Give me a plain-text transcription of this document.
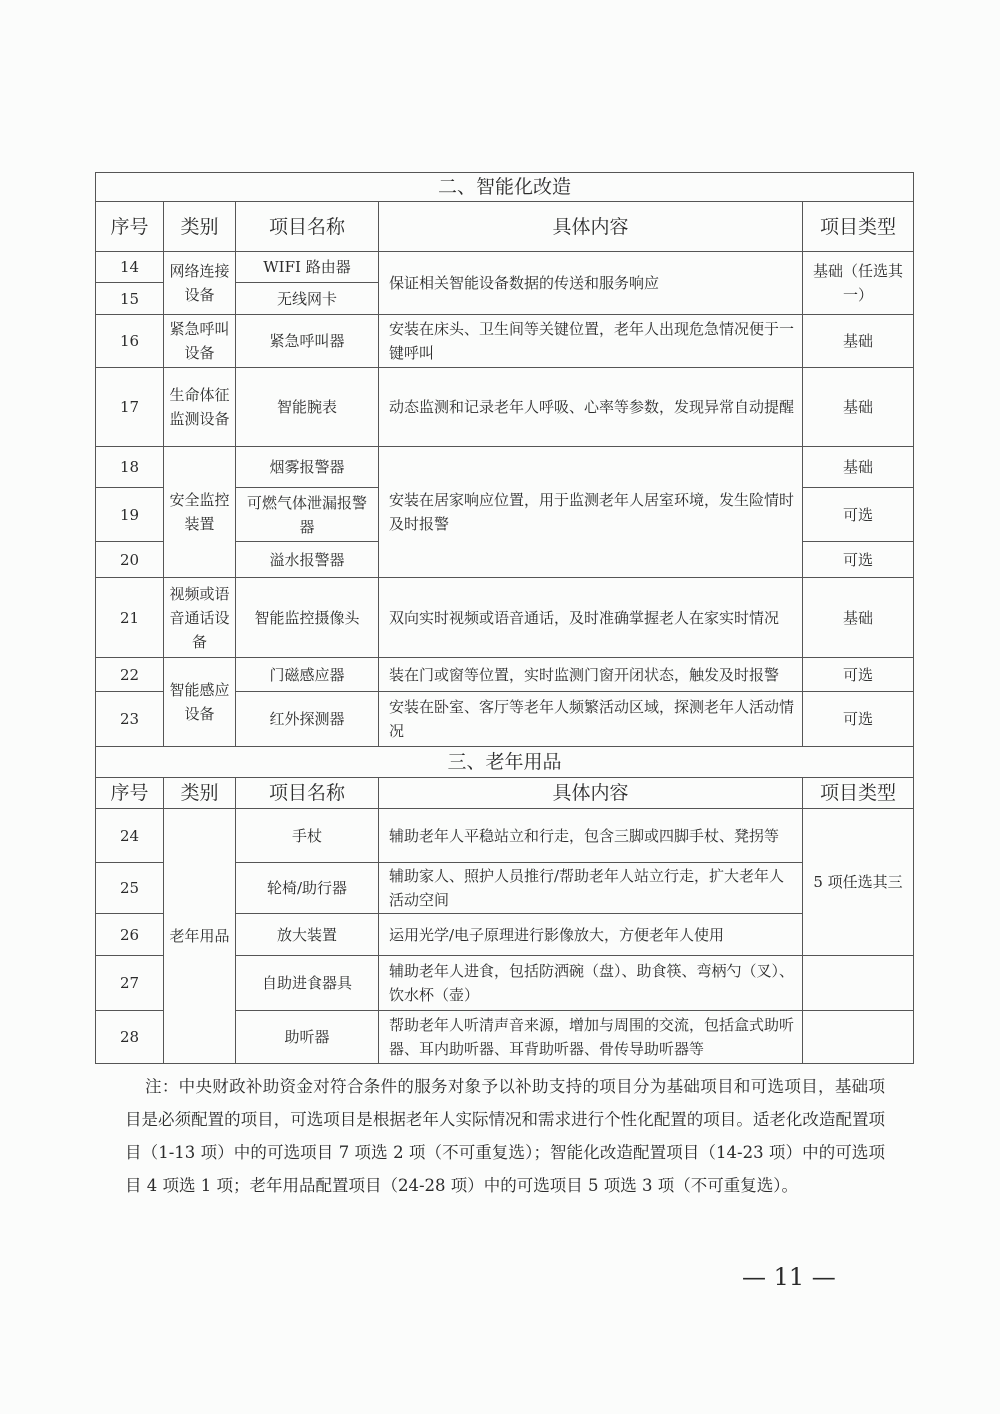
二、智能化改造				
序号	类别	项目名称	具体内容	项目类型
14	网络连接设备	WIFI 路由器	保证相关智能设备数据的传送和服务响应	基础（任选其一）
15		无线网卡		
16	紧急呼叫设备	紧急呼叫器	安装在床头、卫生间等关键位置，老年人出现危急情况便于一键呼叫	基础
17	生命体征监测设备	智能腕表	动态监测和记录老年人呼吸、心率等参数，发现异常自动提醒	基础
18	安全监控装置	烟雾报警器	安装在居家响应位置，用于监测老年人居室环境，发生险情时及时报警	基础
19		可燃气体泄漏报警器		可选
20		溢水报警器		可选
21	视频或语音通话设备	智能监控摄像头	双向实时视频或语音通话，及时准确掌握老人在家实时情况	基础
22	智能感应设备	门磁感应器	装在门或窗等位置，实时监测门窗开闭状态，触发及时报警	可选
23		红外探测器	安装在卧室、客厅等老年人频繁活动区域，探测老年人活动情况	可选
三、老年用品				
序号	类别	项目名称	具体内容	项目类型
24	老年用品	手杖	辅助老年人平稳站立和行走，包含三脚或四脚手杖、凳拐等	5 项任选其三
25		轮椅/助行器	辅助家人、照护人员推行/帮助老年人站立行走，扩大老年人活动空间	
26		放大装置	运用光学/电子原理进行影像放大，方便老年人使用	
27		自助进食器具	辅助老年人进食，包括防洒碗（盘）、助食筷、弯柄勺（叉）、饮水杯（壶）	
28		助听器	帮助老年人听清声音来源，增加与周围的交流，包括盒式助听器、耳内助听器、耳背助听器、骨传导助听器等	
注：中央财政补助资金对符合条件的服务对象予以补助支持的项目分为基础项目和可选项目，基础项目是必须配置的项目，可选项目是根据老年人实际情况和需求进行个性化配置的项目。适老化改造配置项目（1-13 项）中的可选项目 7 项选 2 项（不可重复选）；智能化改造配置项目（14-23 项）中的可选项目 4 项选 1 项；老年用品配置项目（24-28 项）中的可选项目 5 项选 3 项（不可重复选）。
— 11 —
